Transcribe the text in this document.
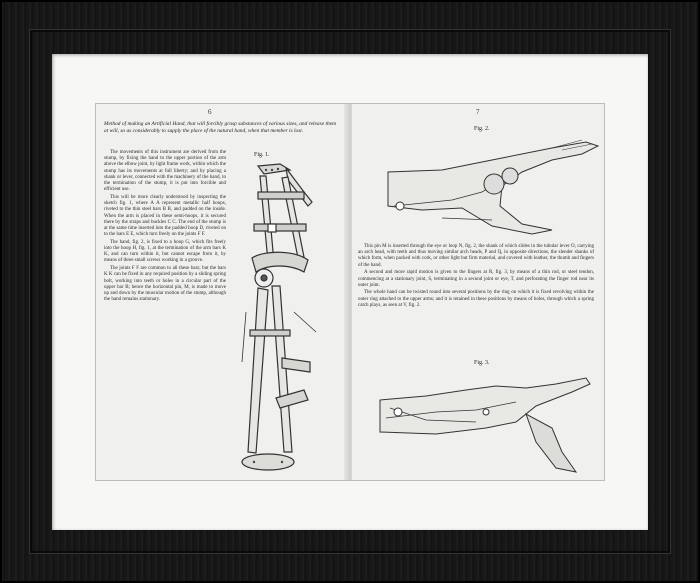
6
Method of making an Artificial Hand, that will forcibly grasp substances of various sizes, and release them at will, so as considerably to supply the place of the natural hand, when that member is lost.
Fig. 1.

The movements of this instrument are derived from the stump, by fixing the hand to the upper portion of the arm above the elbow joint, by light frame work, within which the stump has its movements at full liberty; and by placing a shank or lever, connected with the machinery of the hand, to the termination of the stump, it is put into forcible and efficient use.

This will be more clearly understood by inspecting the sketch fig. 1, where A A represent metallic half hoops, riveted to the thin steel bars B B, and padded on the inside. When the arm is placed in these semi-hoops, it is secured there by the straps and buckles C C. The end of the stump is at the same time inserted into the padded hoop D, riveted on to the bars E E, which turn freely on the joints F F.

The hand, fig. 2, is fixed to a hoop G, which fits freely into the hoop H, fig. 1, at the termination of the arm bars K K, and can turn within it, but cannot escape from it, by means of three small screws working in a groove.

The joints F F are common to all these bars; but the bars K K can be fixed in any required position by a sliding spring bolt, working into teeth or holes in a circular part of the upper bar B; hence the horizontal pin, M, is made to move up and down by the muscular motion of the stump, although the hand remains stationary.

7
Fig. 2.

This pin M is inserted through the eye or loop N, fig. 2, the shank of which slides in the tubular lever O, carrying an arch head, with teeth and thus moving similar arch heads, P and Q, in opposite directions, the slender shanks of which form, when packed with cork, or other light but firm material, and covered with leather, the thumb and fingers of the hand.

A second and more rapid motion is given to the fingers at R, fig. 3, by means of a thin rod, or steel tendon, commencing at a stationary joint, S, terminating in a second joint or eye, T, and perforating the finger rod near its outer joint.

The whole hand can be twisted round into several positions by the ring on which it is fixed revolving within the outer ring attached to the upper arms; and it is retained in these positions by means of holes, through which a spring catch plays, as seen at V, fig. 2.

Fig. 3.
